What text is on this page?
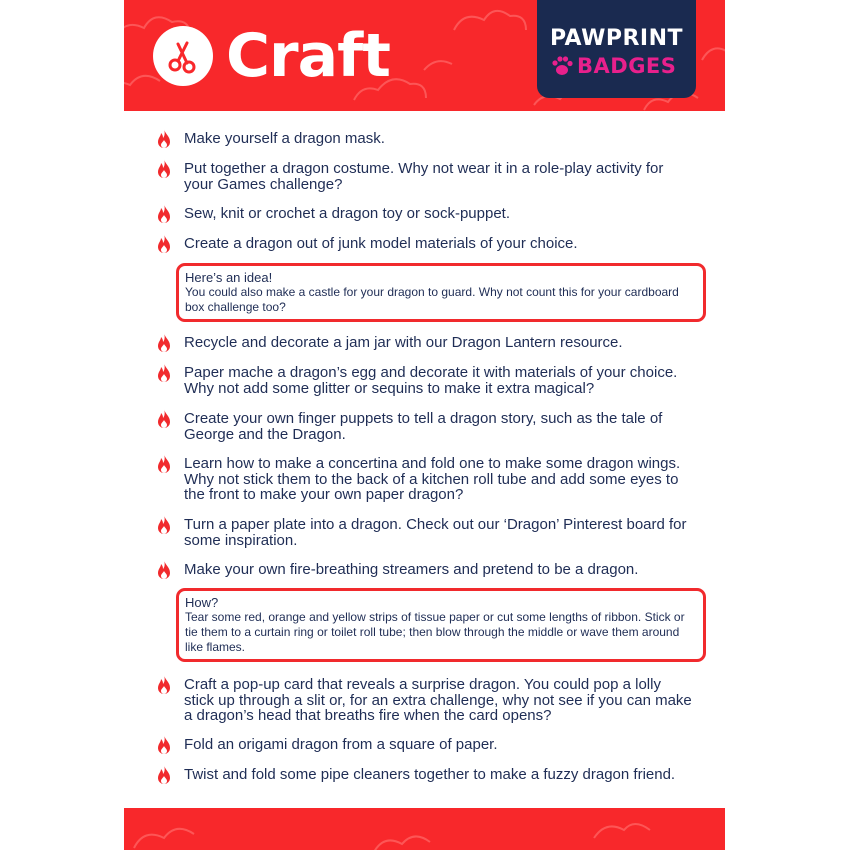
Craft	PAWPRINT
BADGES
Make yourself a dragon mask.
Put together a dragon costume. Why not wear it in a role-play activity for your Games challenge?
Sew, knit or crochet a dragon toy or sock-puppet.
Create a dragon out of junk model materials of your choice.
Here’s an idea!
You could also make a castle for your dragon to guard. Why not count this for your cardboard box challenge too?
Recycle and decorate a jam jar with our Dragon Lantern resource.
Paper mache a dragon’s egg and decorate it with materials of your choice. Why not add some glitter or sequins to make it extra magical?
Create your own finger puppets to tell a dragon story, such as the tale of George and the Dragon.
Learn how to make a concertina and fold one to make some dragon wings. Why not stick them to the back of a kitchen roll tube and add some eyes to the front to make your own paper dragon?
Turn a paper plate into a dragon. Check out our ‘Dragon’ Pinterest board for some inspiration.
Make your own fire-breathing streamers and pretend to be a dragon.
How?
Tear some red, orange and yellow strips of tissue paper or cut some lengths of ribbon. Stick or tie them to a curtain ring or toilet roll tube; then blow through the middle or wave them around like flames.
Craft a pop-up card that reveals a surprise dragon. You could pop a lolly stick up through a slit or, for an extra challenge, why not see if you can make a dragon’s head that breaths fire when the card opens?
Fold an origami dragon from a square of paper.
Twist and fold some pipe cleaners together to make a fuzzy dragon friend.
